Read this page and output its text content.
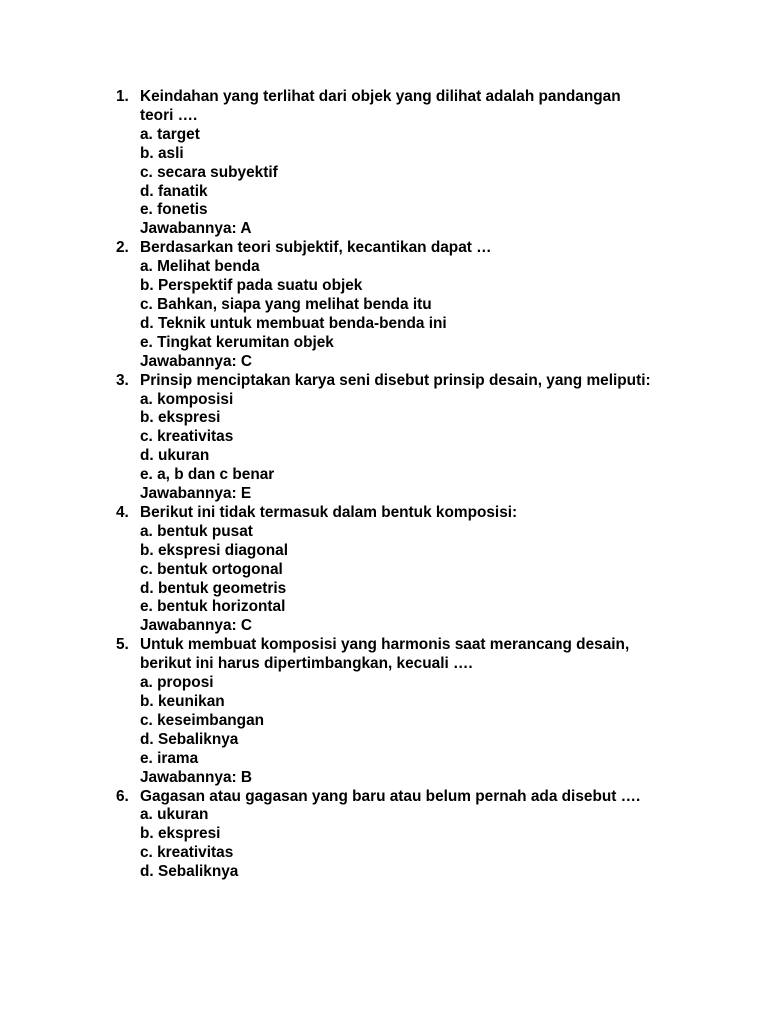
1. Keindahan yang terlihat dari objek yang dilihat adalah pandangan teori ….
a. target
b. asli
c. secara subyektif
d. fanatik
e. fonetis
Jawabannya: A
2. Berdasarkan teori subjektif, kecantikan dapat …
a. Melihat benda
b. Perspektif pada suatu objek
c. Bahkan, siapa yang melihat benda itu
d. Teknik untuk membuat benda-benda ini
e. Tingkat kerumitan objek
Jawabannya: C
3. Prinsip menciptakan karya seni disebut prinsip desain, yang meliputi:
a. komposisi
b. ekspresi
c. kreativitas
d. ukuran
e. a, b dan c benar
Jawabannya: E
4. Berikut ini tidak termasuk dalam bentuk komposisi:
a. bentuk pusat
b. ekspresi diagonal
c. bentuk ortogonal
d. bentuk geometris
e. bentuk horizontal
Jawabannya: C
5. Untuk membuat komposisi yang harmonis saat merancang desain, berikut ini harus dipertimbangkan, kecuali ….
a. proposi
b. keunikan
c. keseimbangan
d. Sebaliknya
e. irama
Jawabannya: B
6. Gagasan atau gagasan yang baru atau belum pernah ada disebut ….
a. ukuran
b. ekspresi
c. kreativitas
d. Sebaliknya
